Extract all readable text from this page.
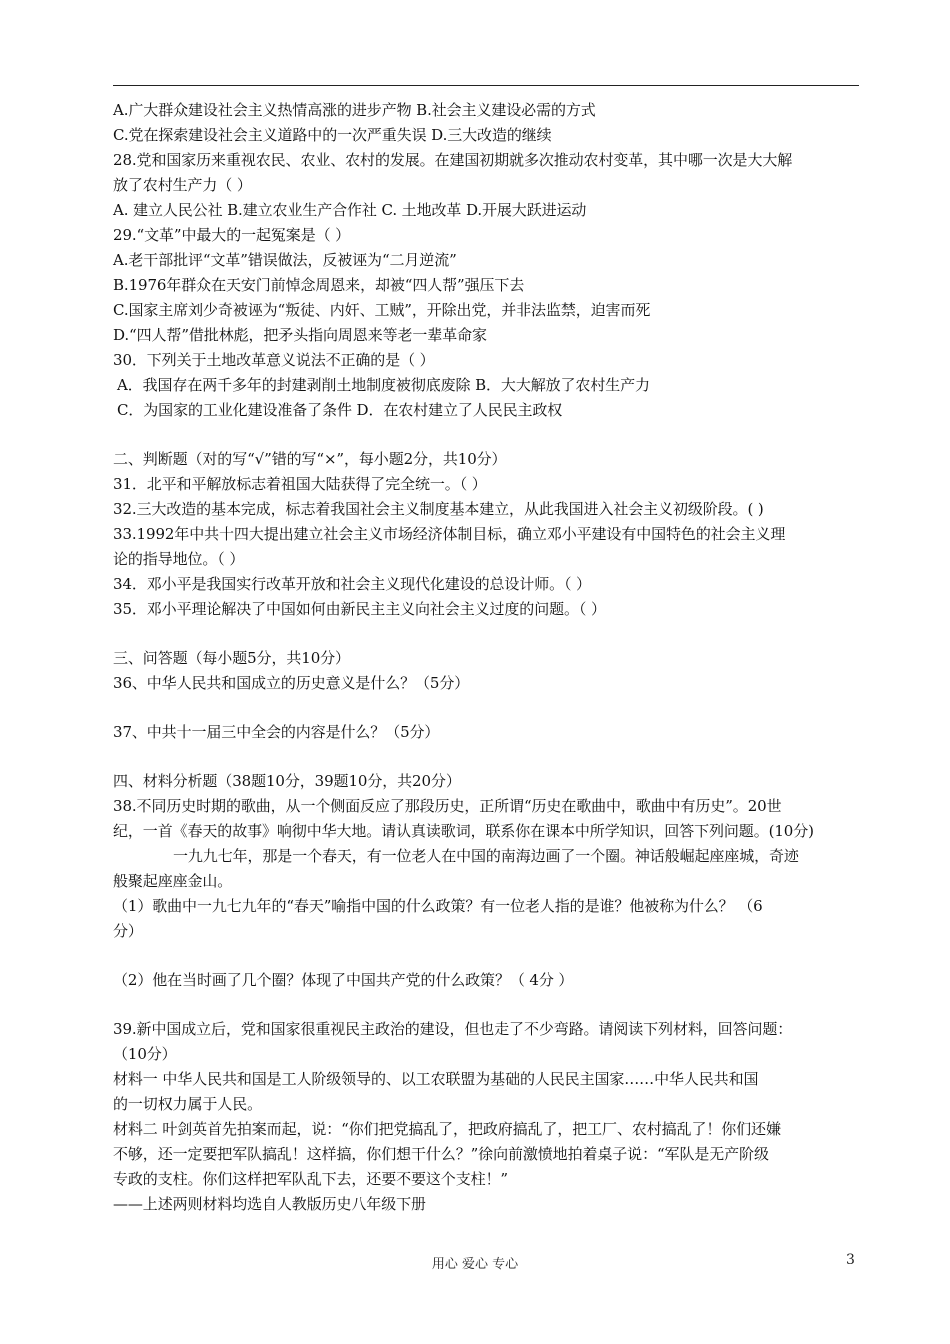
A.广大群众建设社会主义热情高涨的进步产物 B.社会主义建设必需的方式
C.党在探索建设社会主义道路中的一次严重失误 D.三大改造的继续
28.党和国家历来重视农民、农业、农村的发展。在建国初期就多次推动农村变革，其中哪一次是大大解
放了农村生产力（ ）
A. 建立人民公社 B.建立农业生产合作社 C. 土地改革 D.开展大跃进运动
29.“文革”中最大的一起冤案是（ ）
A.老干部批评“文革”错误做法，反被诬为“二月逆流”
B.1976年群众在天安门前悼念周恩来，却被“四人帮”强压下去
C.国家主席刘少奇被诬为“叛徒、内奸、工贼”，开除出党，并非法监禁，迫害而死
D.“四人帮”借批林彪，把矛头指向周恩来等老一辈革命家
30．下列关于土地改革意义说法不正确的是（ ）
A．我国存在两千多年的封建剥削土地制度被彻底废除 B．大大解放了农村生产力
C．为国家的工业化建设准备了条件 D．在农村建立了人民民主政权
二、判断题（对的写“√”错的写“×”，每小题2分，共10分）
31．北平和平解放标志着祖国大陆获得了完全统一。（ ）
32.三大改造的基本完成，标志着我国社会主义制度基本建立，从此我国进入社会主义初级阶段。( )
33.1992年中共十四大提出建立社会主义市场经济体制目标，确立邓小平建设有中国特色的社会主义理
论的指导地位。（ ）
34．邓小平是我国实行改革开放和社会主义现代化建设的总设计师。（ ）
35．邓小平理论解决了中国如何由新民主主义向社会主义过度的问题。（ ）
三、问答题（每小题5分，共10分）
36、中华人民共和国成立的历史意义是什么？（5分）
37、中共十一届三中全会的内容是什么？（5分）
四、材料分析题（38题10分，39题10分，共20分）
38.不同历史时期的歌曲，从一个侧面反应了那段历史，正所谓“历史在歌曲中，歌曲中有历史”。20世
纪，一首《春天的故事》响彻中华大地。请认真读歌词，联系你在课本中所学知识，回答下列问题。(10分)
一九九七年，那是一个春天，有一位老人在中国的南海边画了一个圈。神话般崛起座座城，奇迹
般聚起座座金山。
（1）歌曲中一九七九年的“春天”喻指中国的什么政策？有一位老人指的是谁？他被称为什么？ （6
分）
（2）他在当时画了几个圈？体现了中国共产党的什么政策？（ 4分 ）
39.新中国成立后，党和国家很重视民主政治的建设，但也走了不少弯路。请阅读下列材料，回答问题：
（10分）
材料一 中华人民共和国是工人阶级领导的、以工农联盟为基础的人民民主国家……中华人民共和国
的一切权力属于人民。
材料二 叶剑英首先拍案而起，说：“你们把党搞乱了，把政府搞乱了，把工厂、农村搞乱了！你们还嫌
不够，还一定要把军队搞乱！这样搞，你们想干什么？”徐向前激愤地拍着桌子说：“军队是无产阶级
专政的支柱。你们这样把军队乱下去，还要不要这个支柱！”
——上述两则材料均选自人教版历史八年级下册
用心 爱心 专心	3
